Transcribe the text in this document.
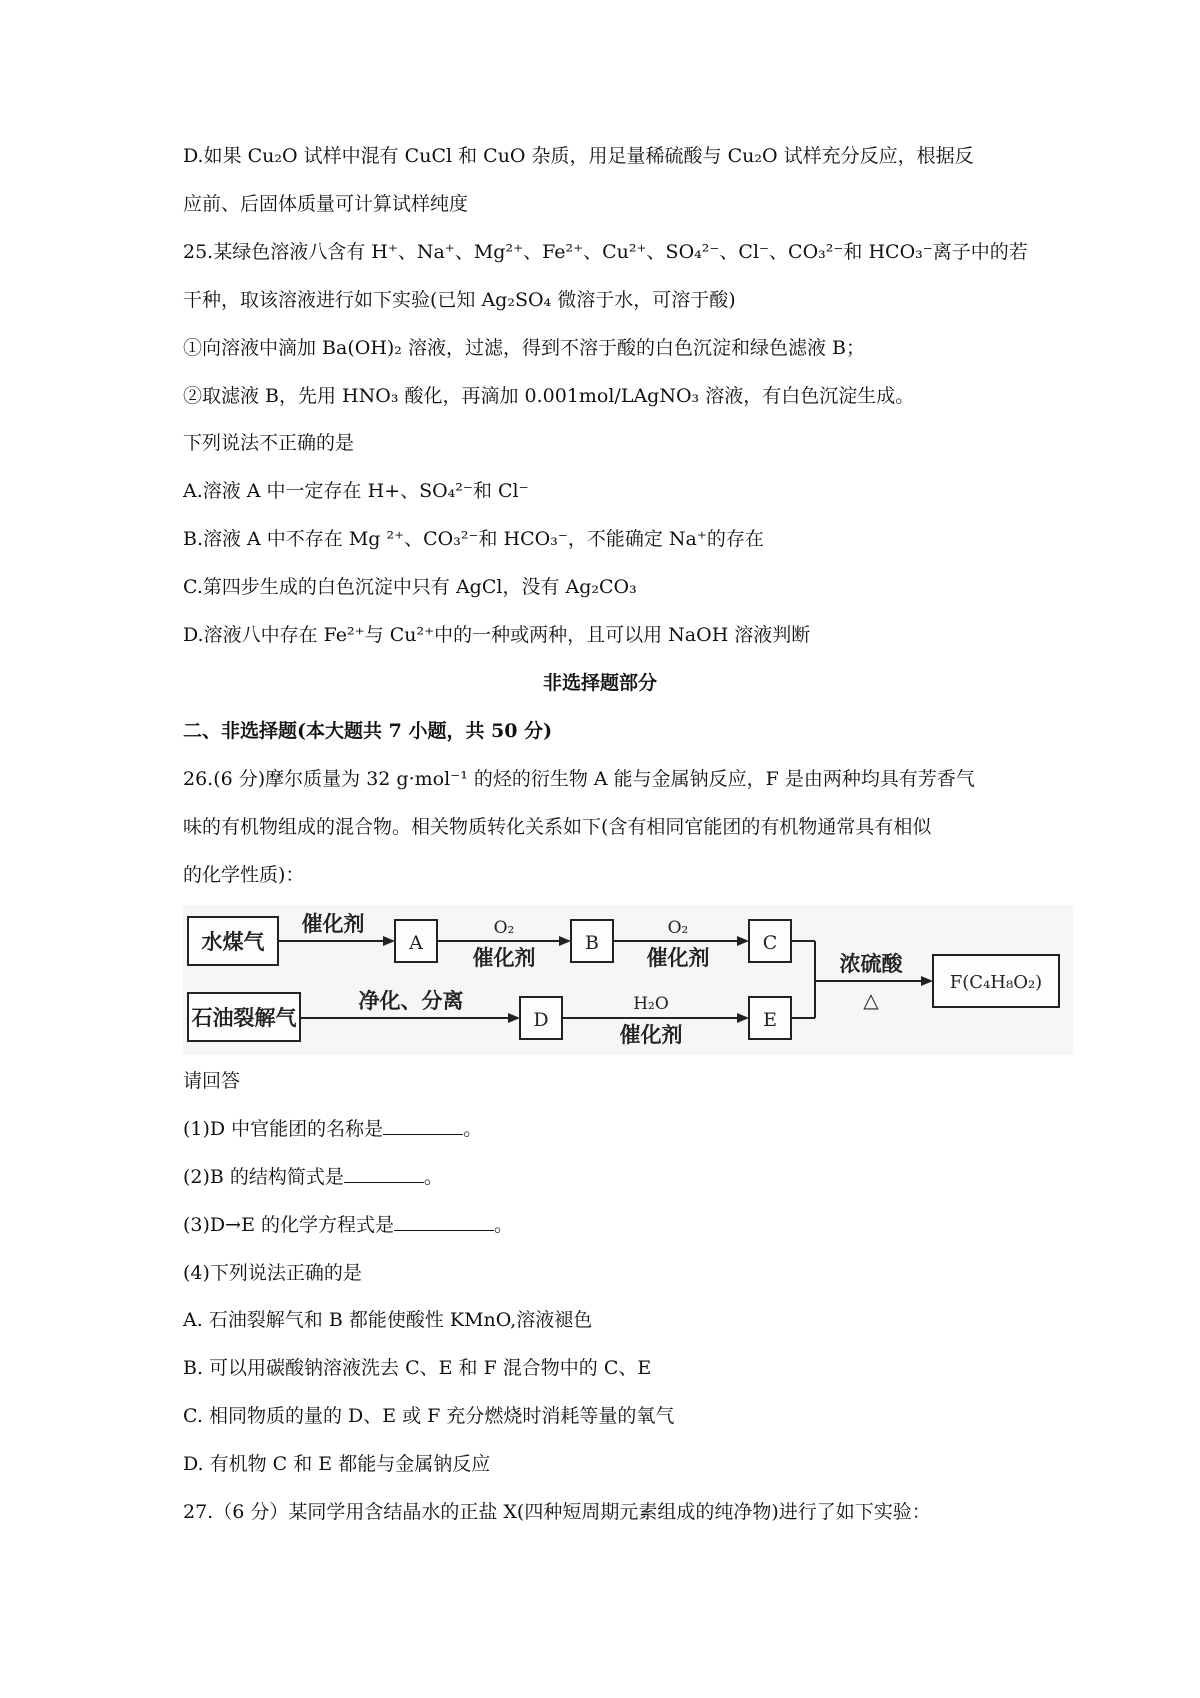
D.如果 Cu₂O 试样中混有 CuCl 和 CuO 杂质，用足量稀硫酸与 Cu₂O 试样充分反应，根据反
应前、后固体质量可计算试样纯度
25.某绿色溶液八含有 H⁺、Na⁺、Mg²⁺、Fe²⁺、Cu²⁺、SO₄²⁻、Cl⁻、CO₃²⁻和 HCO₃⁻离子中的若
干种，取该溶液进行如下实验(已知 Ag₂SO₄ 微溶于水，可溶于酸)
①向溶液中滴加 Ba(OH)₂ 溶液，过滤，得到不溶于酸的白色沉淀和绿色滤液 B；
②取滤液 B，先用 HNO₃ 酸化，再滴加 0.001mol/LAgNO₃ 溶液，有白色沉淀生成。
下列说法不正确的是
A.溶液 A 中一定存在 H+、SO₄²⁻和 Cl⁻
B.溶液 A 中不存在 Mg ²⁺、CO₃²⁻和 HCO₃⁻，不能确定 Na⁺的存在
C.第四步生成的白色沉淀中只有 AgCl，没有 Ag₂CO₃
D.溶液八中存在 Fe²⁺与 Cu²⁺中的一种或两种，且可以用 NaOH 溶液判断
非选择题部分
二、非选择题(本大题共 7 小题，共 50 分)
26.(6 分)摩尔质量为 32 g·mol⁻¹ 的烃的衍生物 A 能与金属钠反应，F 是由两种均具有芳香气
味的有机物组成的混合物。相关物质转化关系如下(含有相同官能团的有机物通常具有相似
的化学性质)：
水煤气	A	B	C
石油裂解气	D	E
F(C₄H₈O₂)
催化剂	O₂
催化剂
O₂
催化剂
净化、分离	H₂O
催化剂
浓硫酸
△
请回答
(1)D 中官能团的名称是	。
(2)B 的结构简式是	。
(3)D→E 的化学方程式是	。
(4)下列说法正确的是
A. 石油裂解气和 B 都能使酸性 KMnO,溶液褪色
B. 可以用碳酸钠溶液洗去 C、E 和 F 混合物中的 C、E
C. 相同物质的量的 D、E 或 F 充分燃烧时消耗等量的氧气
D. 有机物 C 和 E 都能与金属钠反应
27.（6 分）某同学用含结晶水的正盐 X(四种短周期元素组成的纯净物)进行了如下实验：
